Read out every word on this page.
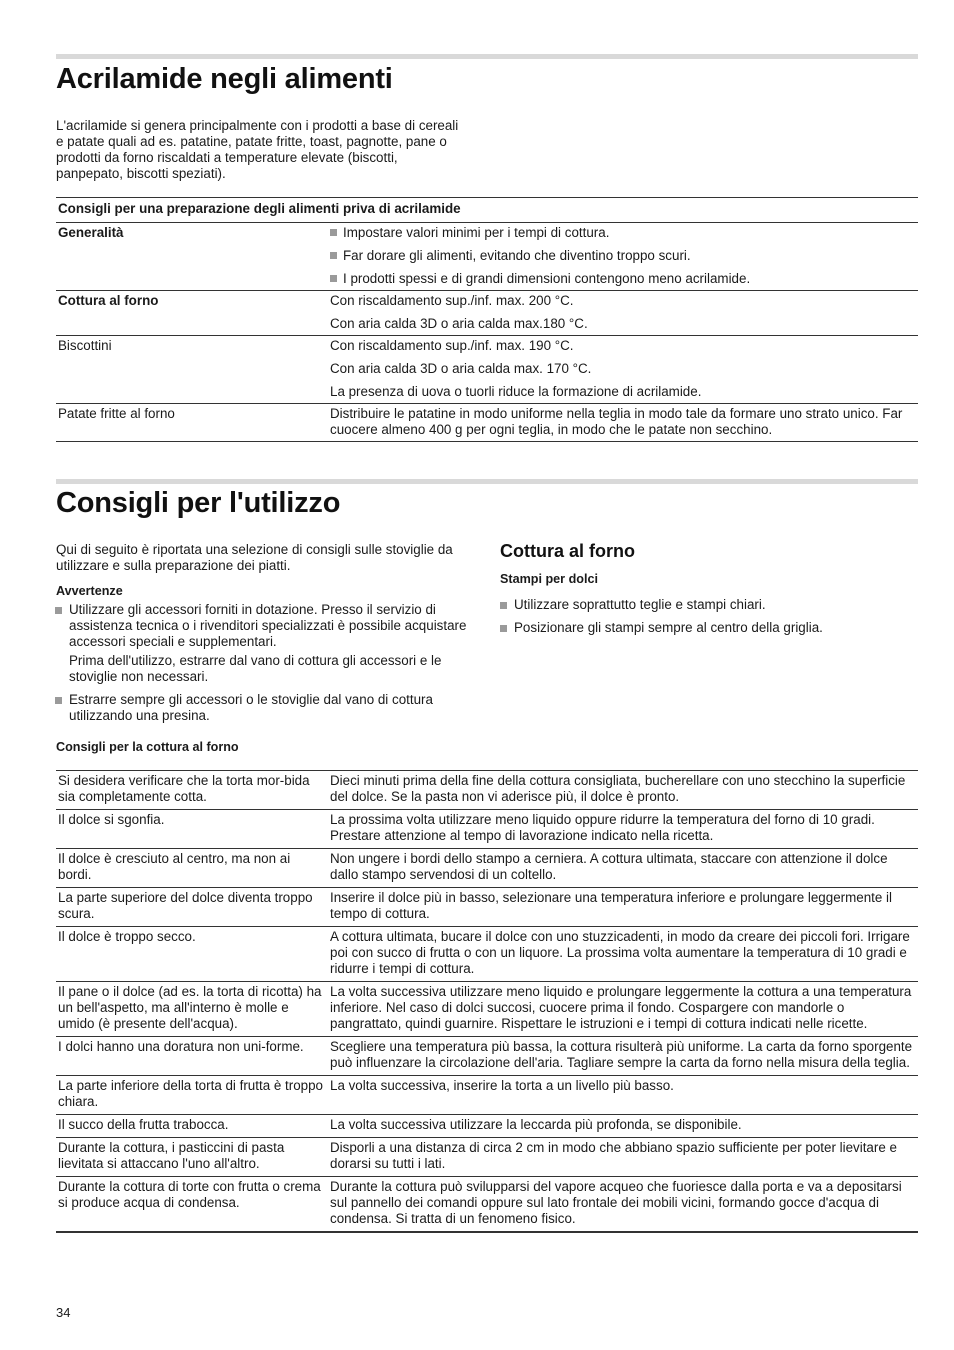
Acrilamide negli alimenti

L'acrilamide si genera principalmente con i prodotti a base di cereali e patate quali ad es. patatine, patate fritte, toast, pagnotte, pane o prodotti da forno riscaldati a temperature elevate (biscotti, panpepato, biscotti speziati).

Consigli per una preparazione degli alimenti priva di acrilamide	
Generalità	Impostare valori minimi per i tempi di cottura.
Far dorare gli alimenti, evitando che diventino troppo scuri.
I prodotti spessi e di grandi dimensioni contengono meno acrilamide.

Cottura al forno	Con riscaldamento sup./inf. max. 200 °C.
Con aria calda 3D o aria calda max.180 °C.

Biscottini	Con riscaldamento sup./inf. max. 190 °C.
Con aria calda 3D o aria calda max. 170 °C.
La presenza di uova o tuorli riduce la formazione di acrilamide.

Patate fritte al forno	Distribuire le patatine in modo uniforme nella teglia in modo tale da formare uno strato unico. Far cuocere almeno 400 g per ogni teglia, in modo che le patate non secchino.
Consigli per l'utilizzo

Qui di seguito è riportata una selezione di consigli sulle stoviglie da utilizzare e sulla preparazione dei piatti.

Avvertenze
Utilizzare gli accessori forniti in dotazione. Presso il servizio di assistenza tecnica o i rivenditori specializzati è possibile acquistare accessori speciali e supplementari.
Prima dell'utilizzo, estrarre dal vano di cottura gli accessori e le stoviglie non necessari.
Estrarre sempre gli accessori o le stoviglie dal vano di cottura utilizzando una presina.
Cottura al forno
Stampi per dolci
Utilizzare soprattutto teglie e stampi chiari.
Posizionare gli stampi sempre al centro della griglia.
Consigli per la cottura al forno
Si desidera verificare che la torta mor-bida sia completamente cotta.	Dieci minuti prima della fine della cottura consigliata, bucherellare con uno stecchino la superficie del dolce. Se la pasta non vi aderisce più, il dolce è pronto.
Il dolce si sgonfia.	La prossima volta utilizzare meno liquido oppure ridurre la temperatura del forno di 10 gradi. Prestare attenzione al tempo di lavorazione indicato nella ricetta.
Il dolce è cresciuto al centro, ma non ai bordi.	Non ungere i bordi dello stampo a cerniera. A cottura ultimata, staccare con attenzione il dolce dallo stampo servendosi di un coltello.
La parte superiore del dolce diventa troppo scura.	Inserire il dolce più in basso, selezionare una temperatura inferiore e prolungare leggermente il tempo di cottura.
Il dolce è troppo secco.	A cottura ultimata, bucare il dolce con uno stuzzicadenti, in modo da creare dei piccoli fori. Irrigare poi con succo di frutta o con un liquore. La prossima volta aumentare la temperatura di 10 gradi e ridurre i tempi di cottura.
Il pane o il dolce (ad es. la torta di ricotta) ha un bell'aspetto, ma all'interno è molle e umido (è presente dell'acqua).	La volta successiva utilizzare meno liquido e prolungare leggermente la cottura a una temperatura inferiore. Nel caso di dolci succosi, cuocere prima il fondo. Cospargere con mandorle o pangrattato, quindi guarnire. Rispettare le istruzioni e i tempi di cottura indicati nelle ricette.
I dolci hanno una doratura non uni-forme.	Scegliere una temperatura più bassa, la cottura risulterà più uniforme. La carta da forno sporgente può influenzare la circolazione dell'aria. Tagliare sempre la carta da forno nella misura della teglia.
La parte inferiore della torta di frutta è troppo chiara.	La volta successiva, inserire la torta a un livello più basso.
Il succo della frutta trabocca.	La volta successiva utilizzare la leccarda più profonda, se disponibile.
Durante la cottura, i pasticcini di pasta lievitata si attaccano l'uno all'altro.	Disporli a una distanza di circa 2 cm in modo che abbiano spazio sufficiente per poter lievitare e dorarsi su tutti i lati.
Durante la cottura di torte con frutta o crema si produce acqua di condensa.	Durante la cottura può svilupparsi del vapore acqueo che fuoriesce dalla porta e va a depositarsi sul pannello dei comandi oppure sul lato frontale dei mobili vicini, formando gocce d'acqua di condensa. Si tratta di un fenomeno fisico.
34
